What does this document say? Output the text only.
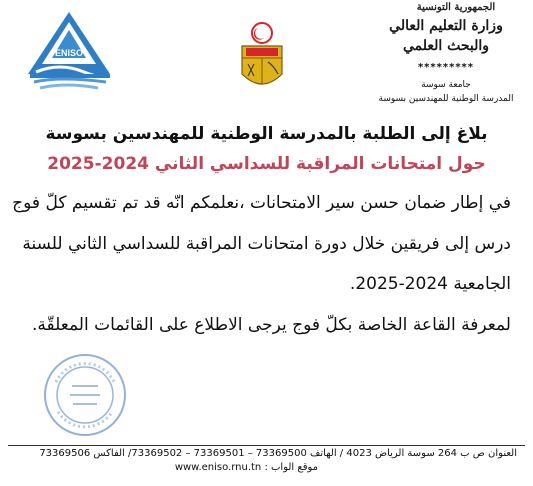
ENISO
الجمهورية التونسية
وزارة التعليم العالي
والبحث العلمي
*********
جامعة سوسة
المدرسة الوطنية للمهندسين بسوسة
بلاغ إلى الطلبة بالمدرسة الوطنية للمهندسين بسوسة
حول امتحانات المراقبة للسداسي الثاني 2024-2025
في إطار ضمان حسن سير الامتحانات ،نعلمكم انّه قد تم تقسيم كلّ فوج
درس إلى فريقين خلال دورة امتحانات المراقبة للسداسي الثاني للسنة
الجامعية 2024-2025.
لمعرفة القاعة الخاصة بكلّ فوج يرجى الاطلاع على القائمات المعلقّة.
العنوان ص ب 264 سوسة الرياض 4023 / الهاتف 73369500 – 73369501 – 73369502/ الفاكس 73369506
موقع الواب : www.eniso.rnu.tn
